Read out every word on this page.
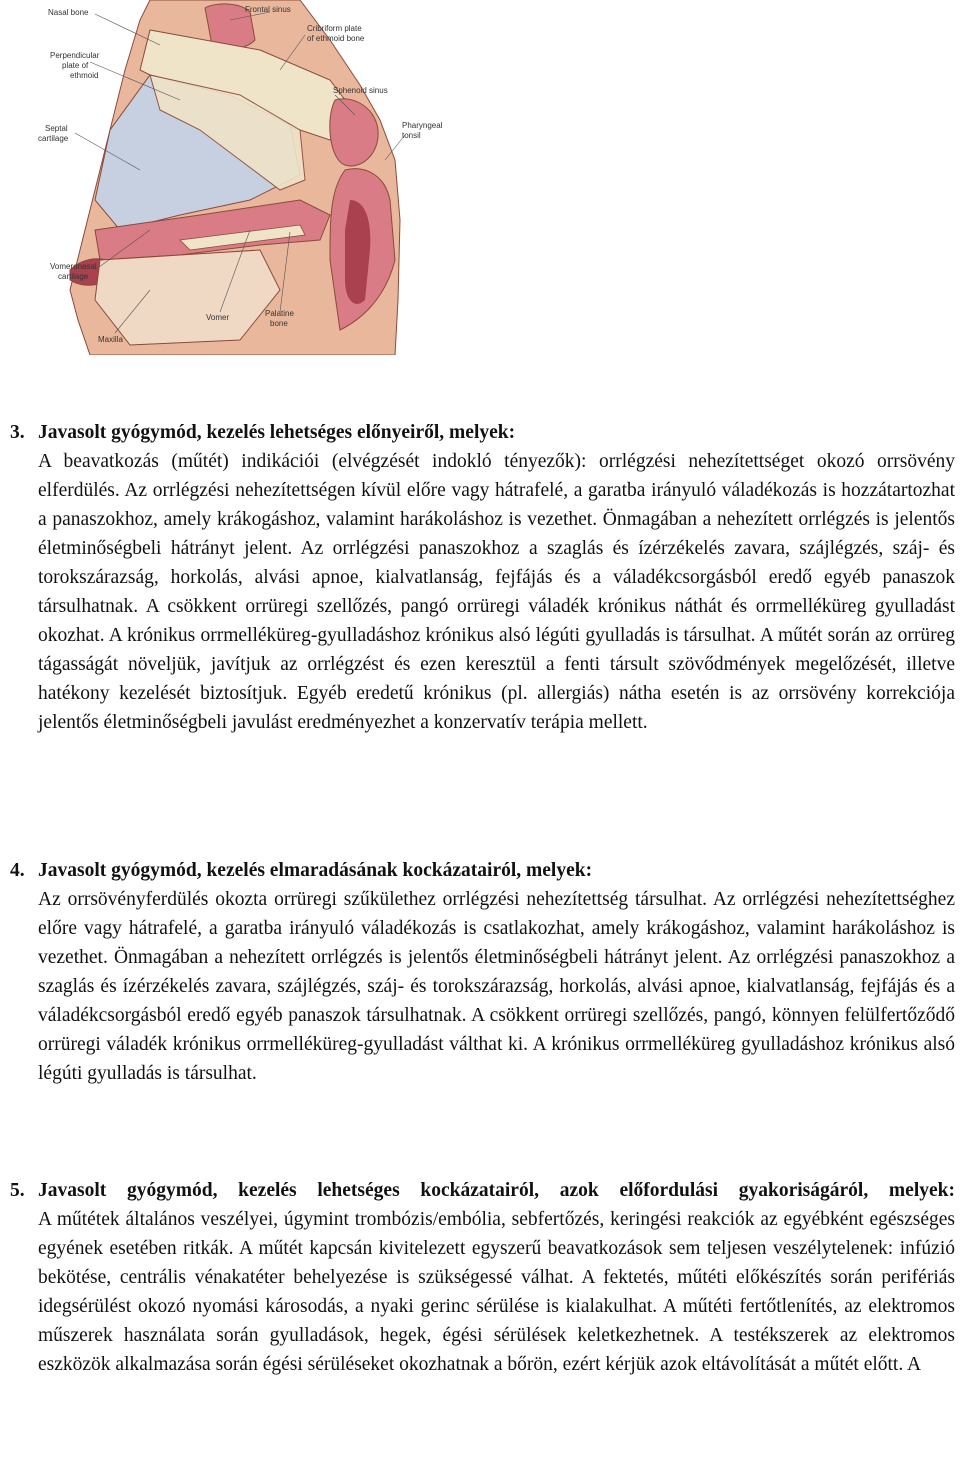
Nasal bone	Frontal sinus
Cribriform plate
of ethmoid bone
Perpendicular
plate of
ethmoid
Sphenoid sinus
Septal
cartilage
Pharyngeal
tonsil
Vomeronasal
cartilage
Vomer	Palatine
bone
Maxilla
3. Javasolt gyógymód, kezelés lehetséges előnyeiről, melyek:
A beavatkozás (műtét) indikációi (elvégzését indokló tényezők): orrlégzési nehezítettséget okozó orrsövény elferdülés. Az orrlégzési nehezítettségen kívül előre vagy hátrafelé, a garatba irányuló váladékozás is hozzátartozhat a panaszokhoz, amely krákogáshoz, valamint harákoláshoz is vezethet. Önmagában a nehezített orrlégzés is jelentős életminőségbeli hátrányt jelent. Az orrlégzési panaszokhoz a szaglás és ízérzékelés zavara, szájlégzés, száj- és torokszárazság, horkolás, alvási apnoe, kialvatlanság, fejfájás és a váladékcsorgásból eredő egyéb panaszok társulhatnak. A csökkent orrüregi szellőzés, pangó orrüregi váladék krónikus náthát és orrmelléküreg gyulladást okozhat. A krónikus orrmelléküreg-gyulladáshoz krónikus alsó légúti gyulladás is társulhat. A műtét során az orrüreg tágasságát növeljük, javítjuk az orrlégzést és ezen keresztül a fenti társult szövődmények megelőzését, illetve hatékony kezelését biztosítjuk. Egyéb eredetű krónikus (pl. allergiás) nátha esetén is az orrsövény korrekciója jelentős életminőségbeli javulást eredményezhet a konzervatív terápia mellett.
4. Javasolt gyógymód, kezelés elmaradásának kockázatairól, melyek:
Az orrsövényferdülés okozta orrüregi szűkülethez orrlégzési nehezítettség társulhat. Az orrlégzési nehezítettséghez előre vagy hátrafelé, a garatba irányuló váladékozás is csatlakozhat, amely krákogáshoz, valamint harákoláshoz is vezethet. Önmagában a nehezített orrlégzés is jelentős életminőségbeli hátrányt jelent. Az orrlégzési panaszokhoz a szaglás és ízérzékelés zavara, szájlégzés, száj- és torokszárazság, horkolás, alvási apnoe, kialvatlanság, fejfájás és a váladékcsorgásból eredő egyéb panaszok társulhatnak. A csökkent orrüregi szellőzés, pangó, könnyen felülfertőződő orrüregi váladék krónikus orrmelléküreg-gyulladást válthat ki. A krónikus orrmelléküreg gyulladáshoz krónikus alsó légúti gyulladás is társulhat.
5. Javasolt gyógymód, kezelés lehetséges kockázatairól, azok előfordulási gyakoriságáról, melyek:
A műtétek általános veszélyei, úgymint trombózis/embólia, sebfertőzés, keringési reakciók az egyébként egészséges egyének esetében ritkák. A műtét kapcsán kivitelezett egyszerű beavatkozások sem teljesen veszélytelenek: infúzió bekötése, centrális vénakatéter behelyezése is szükségessé válhat. A fektetés, műtéti előkészítés során perifériás idegsérülést okozó nyomási károsodás, a nyaki gerinc sérülése is kialakulhat. A műtéti fertőtlenítés, az elektromos műszerek használata során gyulladások, hegek, égési sérülések keletkezhetnek. A testékszerek az elektromos eszközök alkalmazása során égési sérüléseket okozhatnak a bőrön, ezért kérjük azok eltávolítását a műtét előtt. A
